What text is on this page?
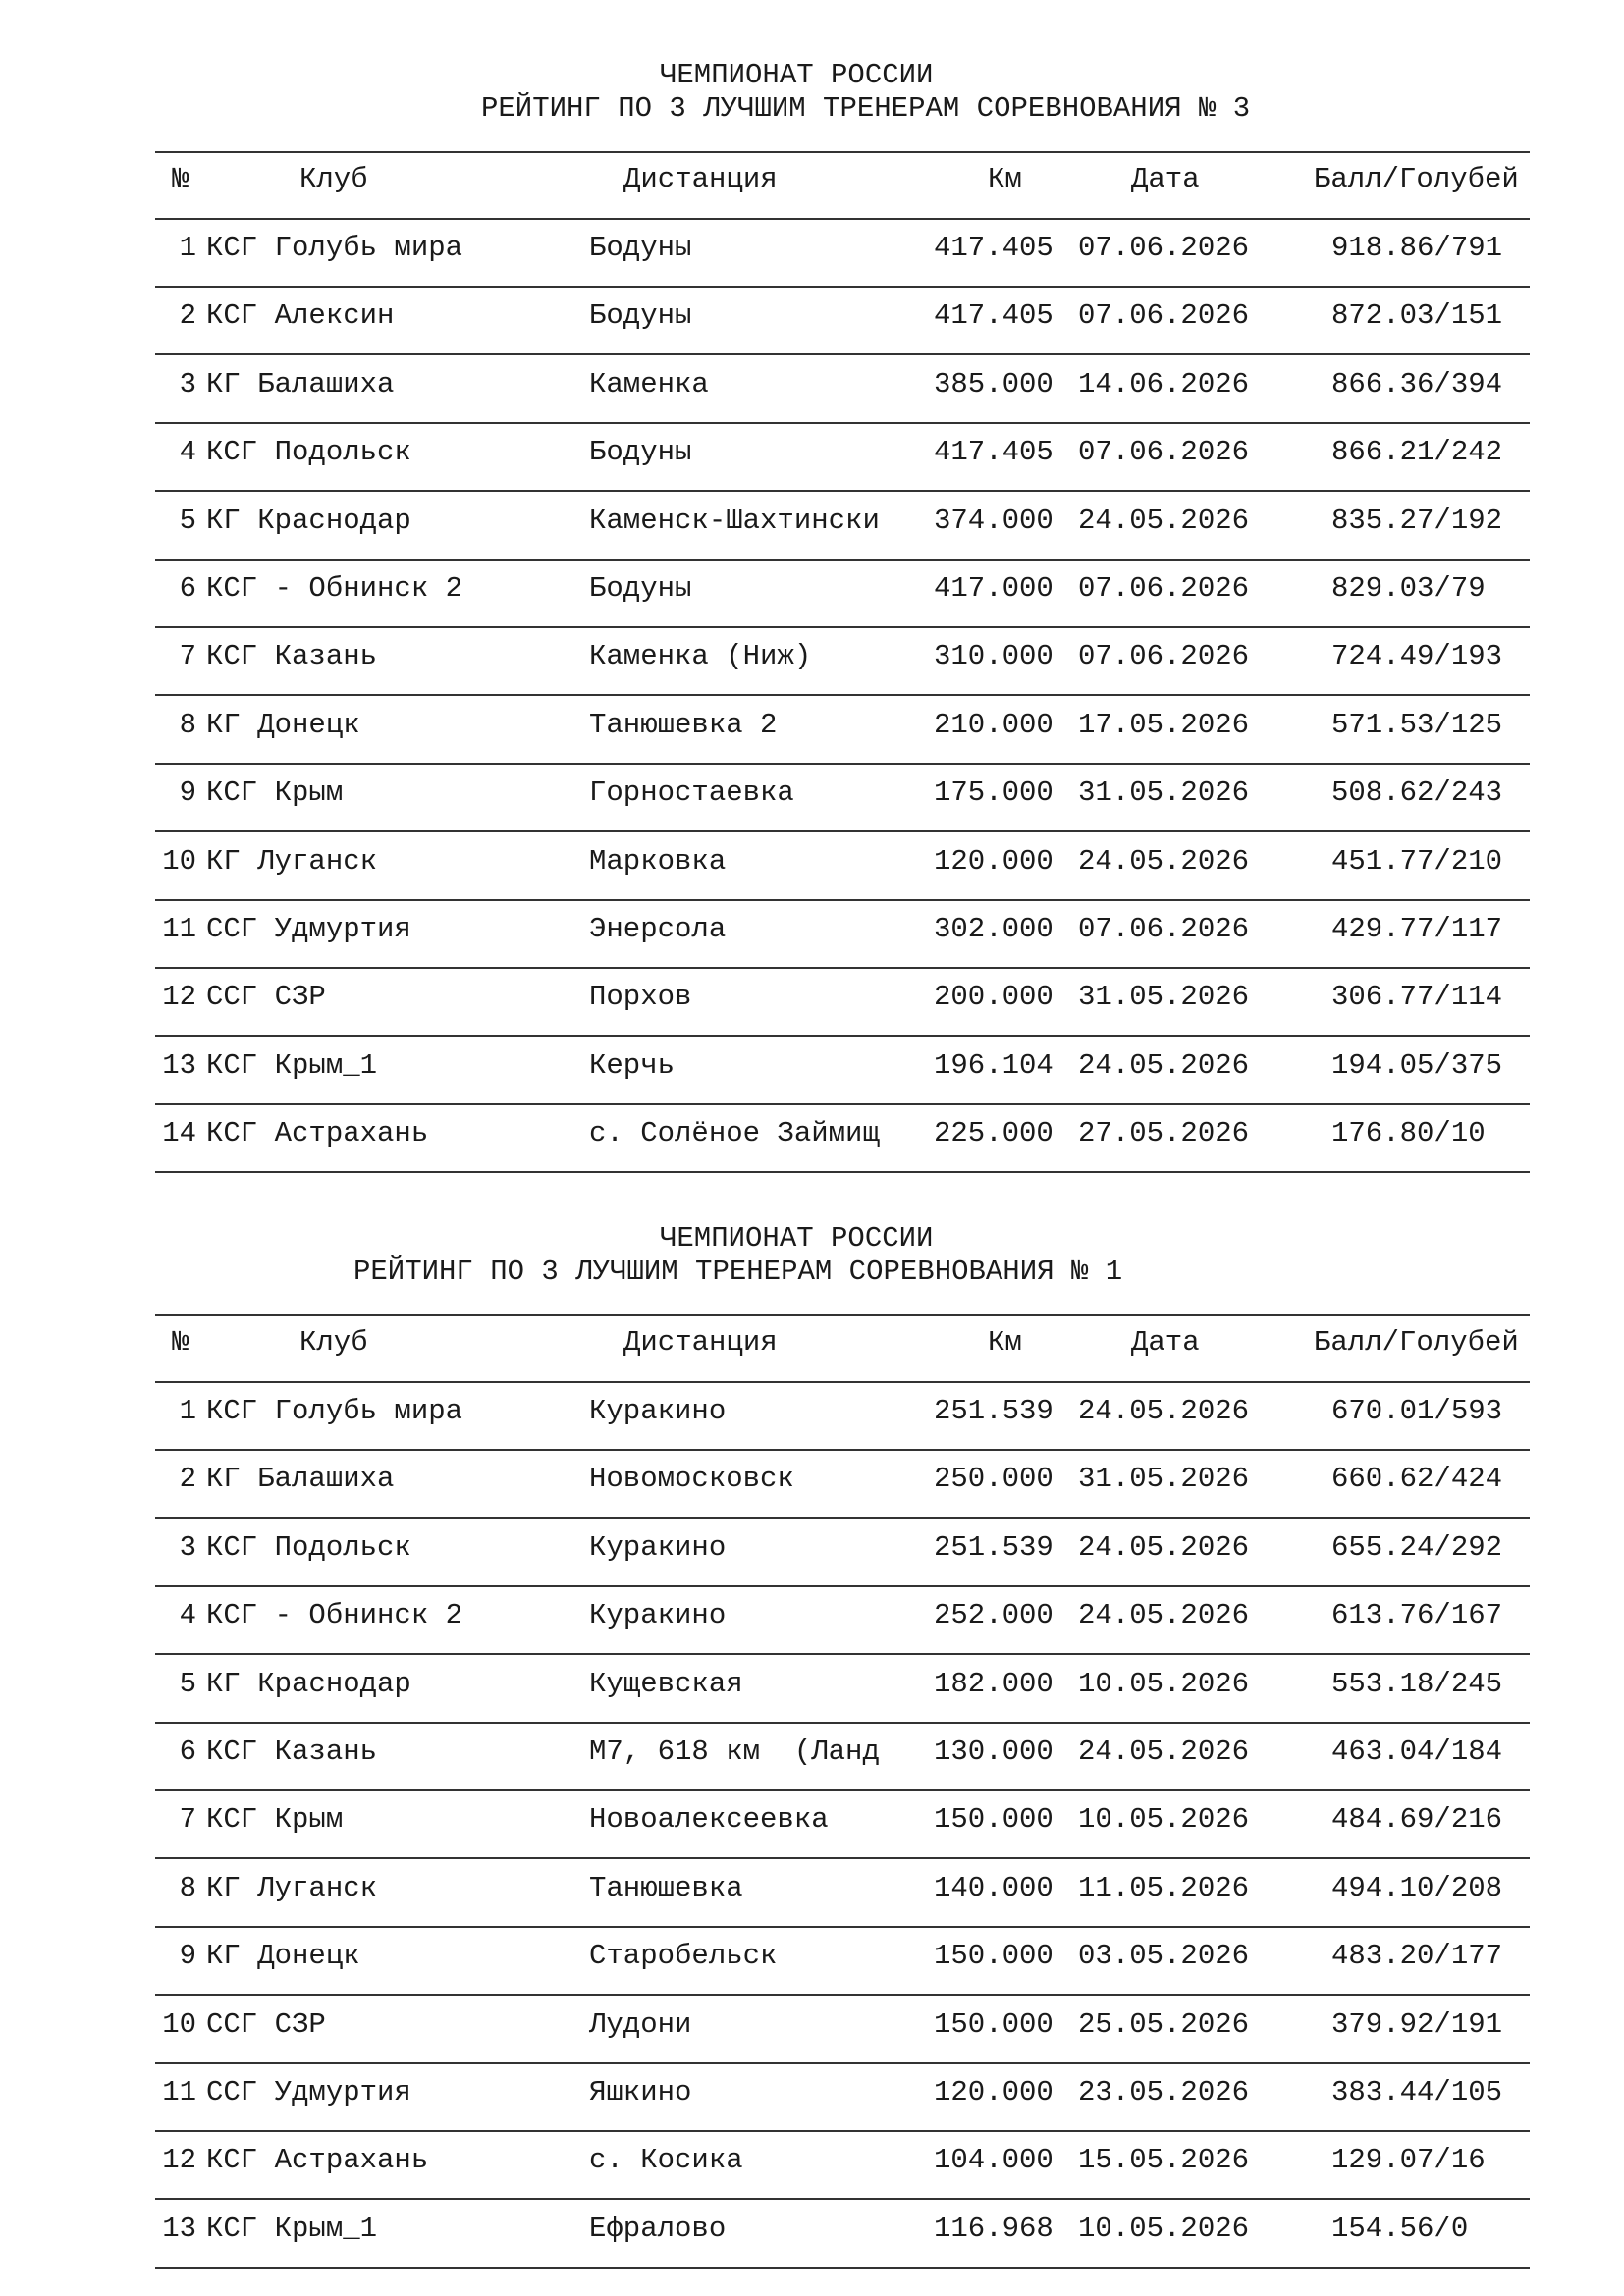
ЧЕМПИОНАТ РОССИИ
РЕЙТИНГ ПО 3 ЛУЧШИМ ТРЕНЕРАМ СОРЕВНОВАНИЯ № 3
№	Клуб	Дистанция	Км	Дата	Балл/Голубей
1 КСГ Голубь мира	Бодуны	417.405 07.06.2026	918.86/791
2 КСГ Алексин	Бодуны	417.405 07.06.2026	872.03/151
3 КГ Балашиха	Каменка	385.000 14.06.2026	866.36/394
4 КСГ Подольск	Бодуны	417.405 07.06.2026	866.21/242
5 КГ Краснодар	Каменск-Шахтински 374.000 24.05.2026	835.27/192
6 КСГ - Обнинск 2	Бодуны	417.000 07.06.2026	829.03/79
7 КСГ Казань	Каменка (Ниж)	310.000 07.06.2026	724.49/193
8 КГ Донецк	Танюшевка 2	210.000 17.05.2026	571.53/125
9 КСГ Крым	Горностаевка	175.000 31.05.2026	508.62/243
10 КГ Луганск	Марковка	120.000 24.05.2026	451.77/210
11 ССГ Удмуртия	Энерсола	302.000 07.06.2026	429.77/117
12 ССГ СЗР	Порхов	200.000 31.05.2026	306.77/114
13 КСГ Крым_1	Керчь	196.104 24.05.2026	194.05/375
14 КСГ Астрахань	с. Солёное Займищ 225.000 27.05.2026	176.80/10
ЧЕМПИОНАТ РОССИИ
РЕЙТИНГ ПО 3 ЛУЧШИМ ТРЕНЕРАМ СОРЕВНОВАНИЯ № 1
№	Клуб	Дистанция	Км	Дата	Балл/Голубей
1 КСГ Голубь мира	Куракино	251.539 24.05.2026	670.01/593
2 КГ Балашиха	Новомосковск	250.000 31.05.2026	660.62/424
3 КСГ Подольск	Куракино	251.539 24.05.2026	655.24/292
4 КСГ - Обнинск 2	Куракино	252.000 24.05.2026	613.76/167
5 КГ Краснодар	Кущевская	182.000 10.05.2026	553.18/245
6 КСГ Казань	М7, 618 км  (Ланд 130.000 24.05.2026	463.04/184
7 КСГ Крым	Новоалексеевка	150.000 10.05.2026	484.69/216
8 КГ Луганск	Танюшевка	140.000 11.05.2026	494.10/208
9 КГ Донецк	Старобельск	150.000 03.05.2026	483.20/177
10 ССГ СЗР	Лудони	150.000 25.05.2026	379.92/191
11 ССГ Удмуртия	Яшкино	120.000 23.05.2026	383.44/105
12 КСГ Астрахань	с. Косика	104.000 15.05.2026	129.07/16
13 КСГ Крым_1	Ефралово	116.968 10.05.2026	154.56/0
